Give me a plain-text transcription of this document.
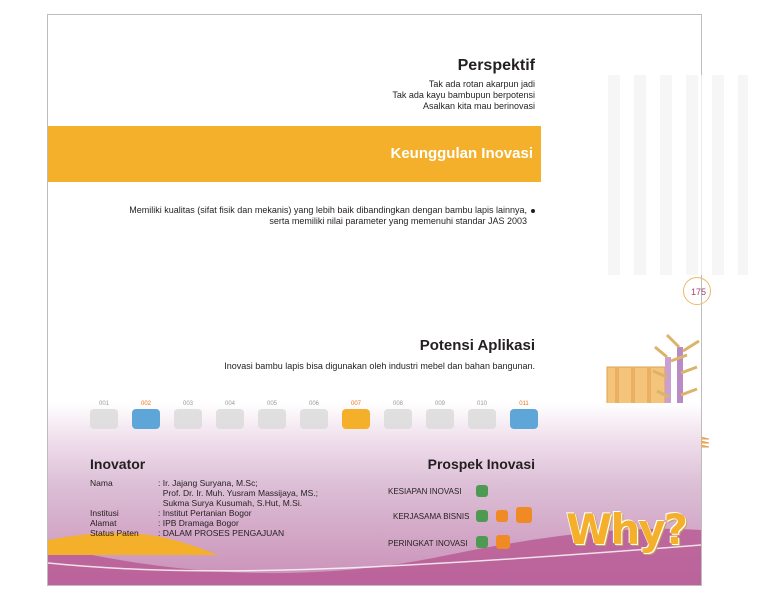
Perspektif
Tak ada rotan akarpun jadi
Tak ada kayu bambupun berpotensi
Asalkan kita mau berinovasi
Keunggulan Inovasi
Memiliki kualitas (sifat fisik dan mekanis) yang lebih baik dibandingkan dengan bambu lapis lainnya,
serta memiliki nilai parameter yang memenuhi standar JAS 2003
175
Potensi Aplikasi
Inovasi bambu lapis bisa digunakan oleh industri mebel dan bahan bangunan.
001	002	003	004	005	006	007	008	009	010	011
Inovator
Nama	: Ir. Jajang Suryana, M.Sc;
Prof. Dr. Ir. Muh. Yusram Massijaya, MS.;
Sukma Surya Kusumah, S.Hut, M.Si.
Institusi	: Institut Pertanian Bogor
Alamat	: IPB Dramaga Bogor
Status Paten	: DALAM PROSES PENGAJUAN
Prospek Inovasi
KESIAPAN INOVASI
KERJASAMA BISNIS
PERINGKAT INOVASI Why?
